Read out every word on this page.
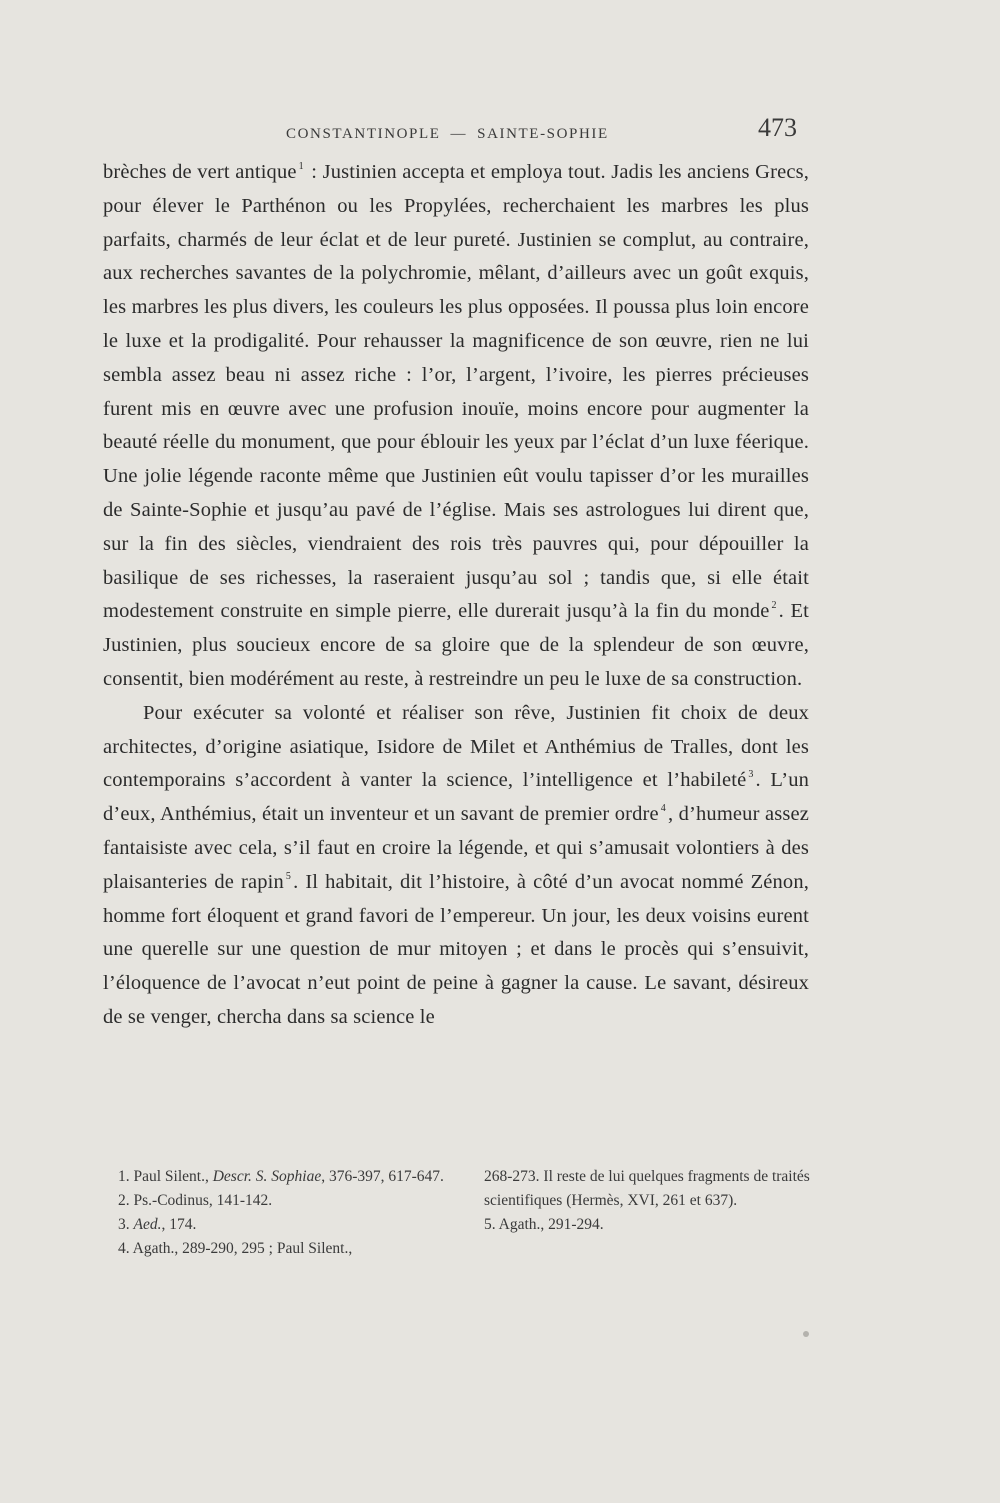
CONSTANTINOPLE — SAINTE-SOPHIE	473

brèches de vert antique $^1$ : Justinien accepta et employa tout. Jadis les anciens Grecs, pour élever le Parthénon ou les Propylées, recherchaient les marbres les plus parfaits, charmés de leur éclat et de leur pureté. Justinien se complut, au contraire, aux recherches savantes de la polychromie, mêlant, d’ailleurs avec un goût exquis, les marbres les plus divers, les couleurs les plus opposées. Il poussa plus loin encore le luxe et la prodigalité. Pour rehausser la magnificence de son œuvre, rien ne lui sembla assez beau ni assez riche : l’or, l’argent, l’ivoire, les pierres précieuses furent mis en œuvre avec une profusion inouïe, moins encore pour augmenter la beauté réelle du monument, que pour éblouir les yeux par l’éclat d’un luxe féerique. Une jolie légende raconte même que Justinien eût voulu tapisser d’or les murailles de Sainte-Sophie et jusqu’au pavé de l’église. Mais ses astrologues lui dirent que, sur la fin des siècles, viendraient des rois très pauvres qui, pour dépouiller la basilique de ses richesses, la raseraient jusqu’au sol ; tandis que, si elle était modestement construite en simple pierre, elle durerait jusqu’à la fin du monde $^2$. Et Justinien, plus soucieux encore de sa gloire que de la splendeur de son œuvre, consentit, bien modérément au reste, à restreindre un peu le luxe de sa construction.

Pour exécuter sa volonté et réaliser son rêve, Justinien fit choix de deux architectes, d’origine asiatique, Isidore de Milet et Anthémius de Tralles, dont les contemporains s’accordent à vanter la science, l’intelligence et l’habileté $^3$. L’un d’eux, Anthémius, était un inventeur et un savant de premier ordre $^4$, d’humeur assez fantaisiste avec cela, s’il faut en croire la légende, et qui s’amusait volontiers à des plaisanteries de rapin $^5$. Il habitait, dit l’histoire, à côté d’un avocat nommé Zénon, homme fort éloquent et grand favori de l’empereur. Un jour, les deux voisins eurent une querelle sur une question de mur mitoyen ; et dans le procès qui s’ensuivit, l’éloquence de l’avocat n’eut point de peine à gagner la cause. Le savant, désireux de se venger, chercha dans sa science le

1. Paul Silent., Descr. S. Sophiae, 376-397, 617-647.

2. Ps.-Codinus, 141-142.

3. Aed., 174.

4. Agath., 289-290, 295 ; Paul Silent.,

268-273. Il reste de lui quelques fragments de traités scientifiques (Hermès, XVI, 261 et 637).

5. Agath., 291-294.
